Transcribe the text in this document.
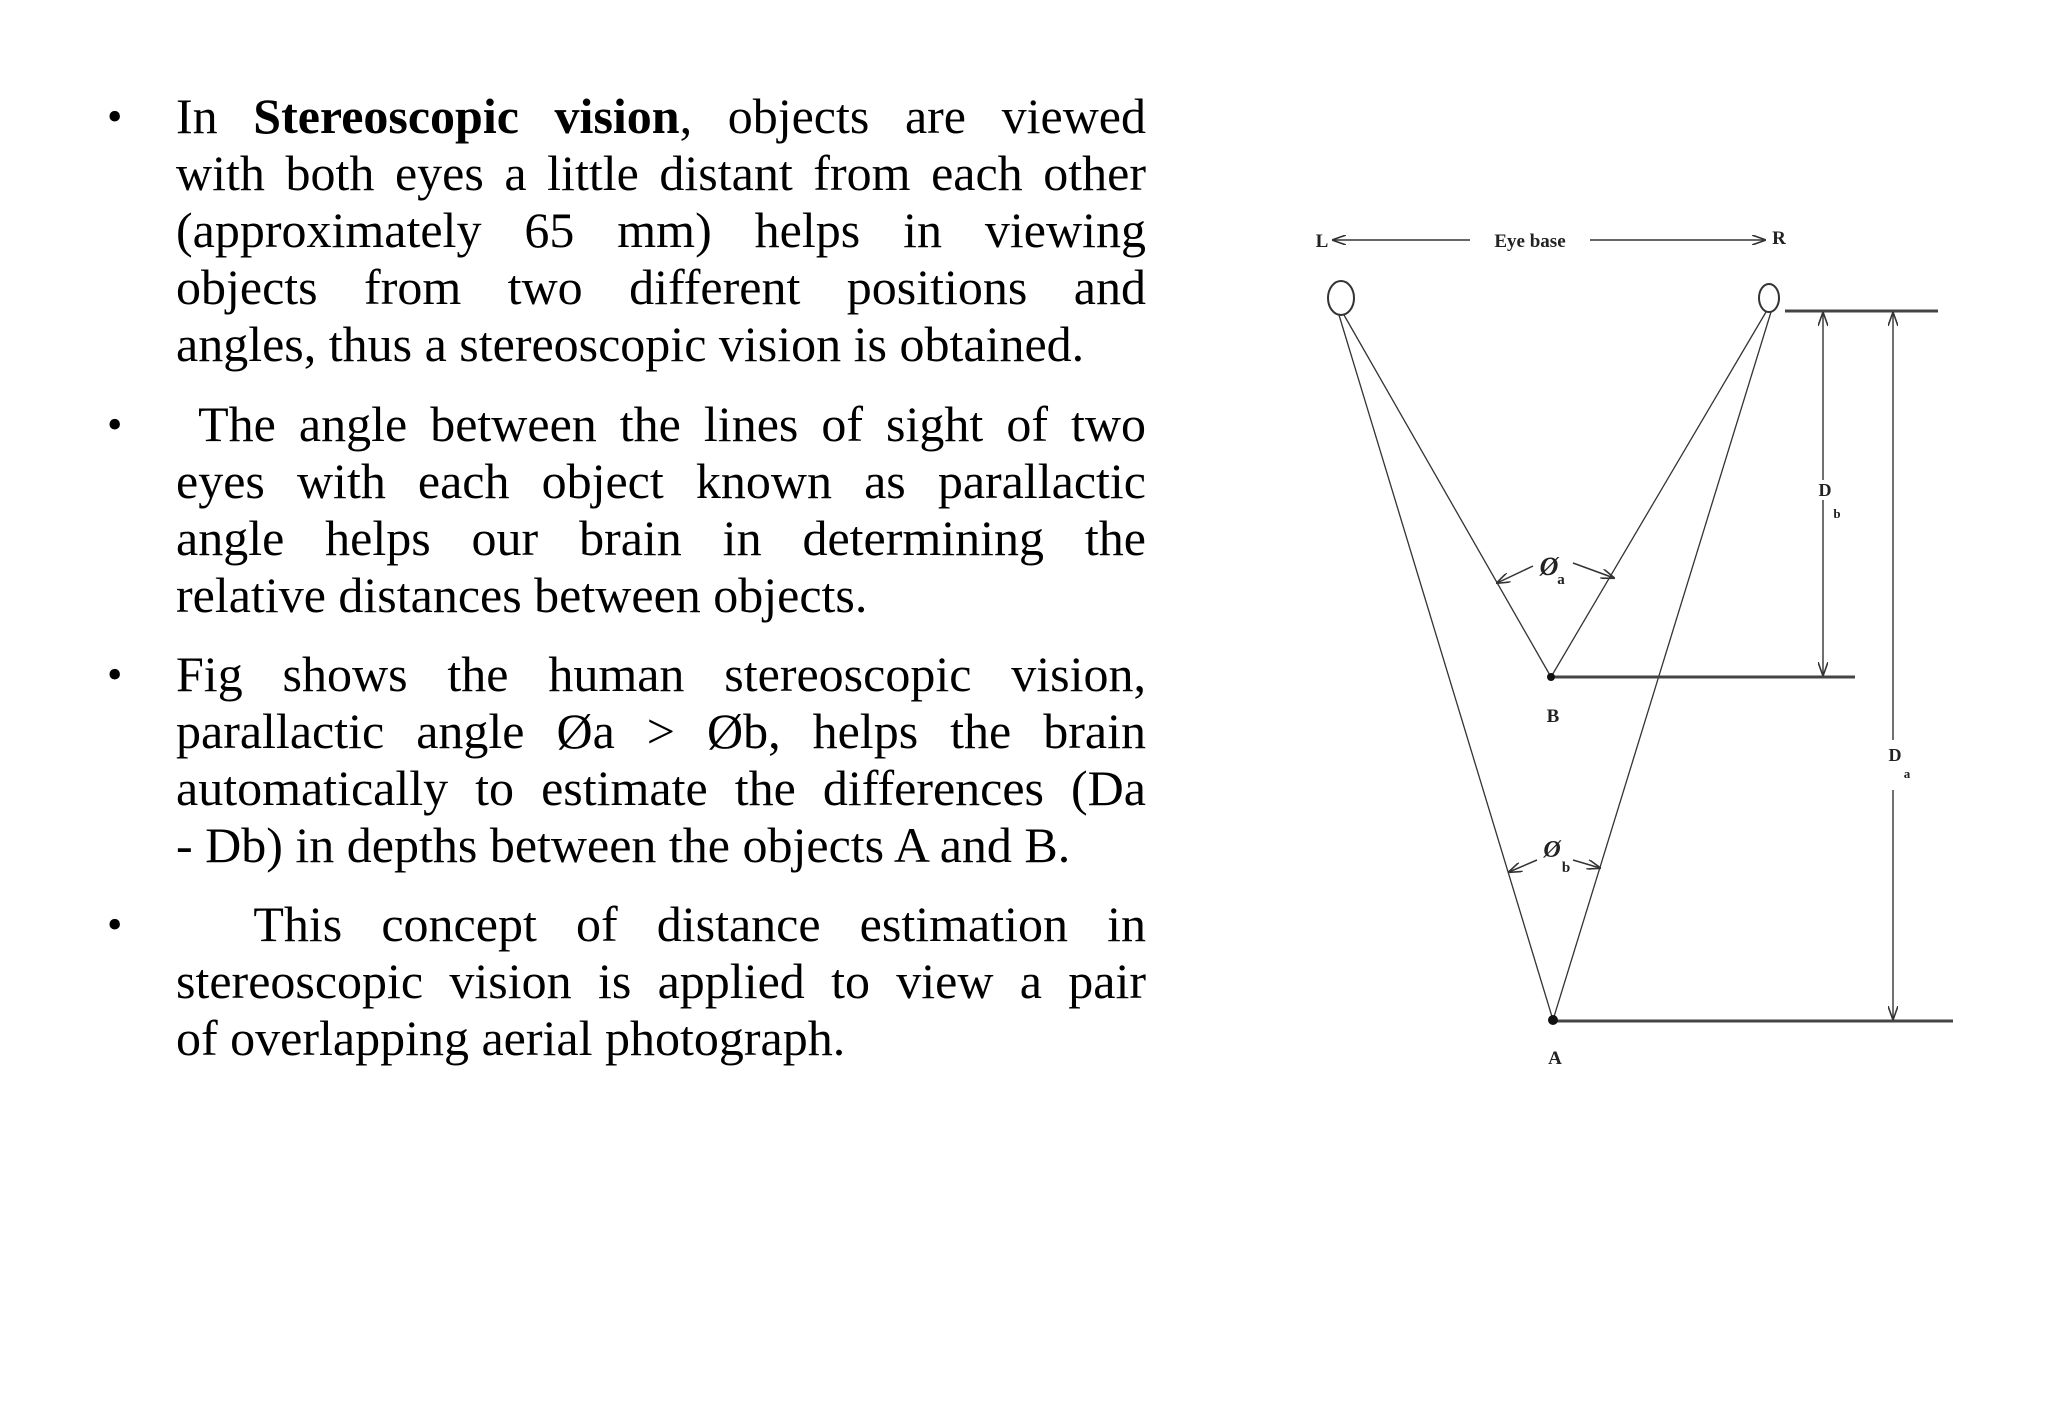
• In Stereoscopic vision, objects are viewed
with both eyes a little distant from each other
(approximately 65 mm) helps in viewing
objects from two different positions and
angles, thus a stereoscopic vision is obtained.
• The angle between the lines of sight of two
eyes with each object known as parallactic
angle helps our brain in determining the
relative distances between objects.
• Fig shows the human stereoscopic vision,
parallactic angle Øa > Øb, helps the brain
automatically to estimate the differences (Da
- Db) in depths between the objects A and B.
• This concept of distance estimation in
stereoscopic vision is applied to view a pair
of overlapping aerial photograph.
Eye base
L	R
B
A
Ø
a
Ø
b
D
b
D
a
